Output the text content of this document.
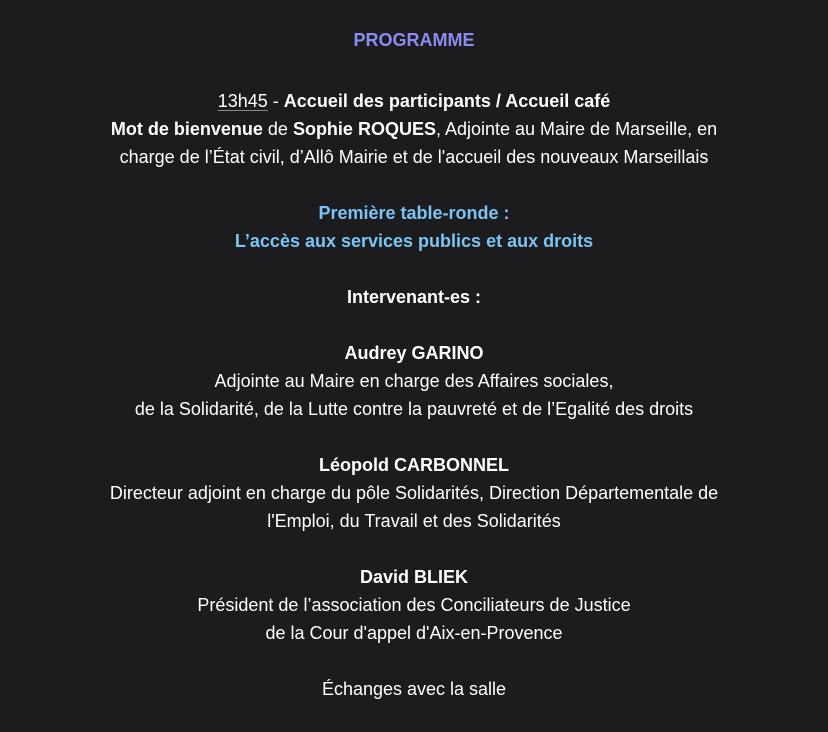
PROGRAMME
13h45 - Accueil des participants / Accueil café
Mot de bienvenue de Sophie ROQUES, Adjointe au Maire de Marseille, en
charge de l’État civil, d’Allô Mairie et de l'accueil des nouveaux Marseillais
Première table-ronde :
L’accès aux services publics et aux droits
Intervenant-es :
Audrey GARINO
Adjointe au Maire en charge des Affaires sociales,
de la Solidarité, de la Lutte contre la pauvreté et de l’Egalité des droits
Léopold CARBONNEL
Directeur adjoint en charge du pôle Solidarités, Direction Départementale de
l'Emploi, du Travail et des Solidarités
David BLIEK
Président de l’association des Conciliateurs de Justice
de la Cour d'appel d'Aix-en-Provence
Échanges avec la salle
